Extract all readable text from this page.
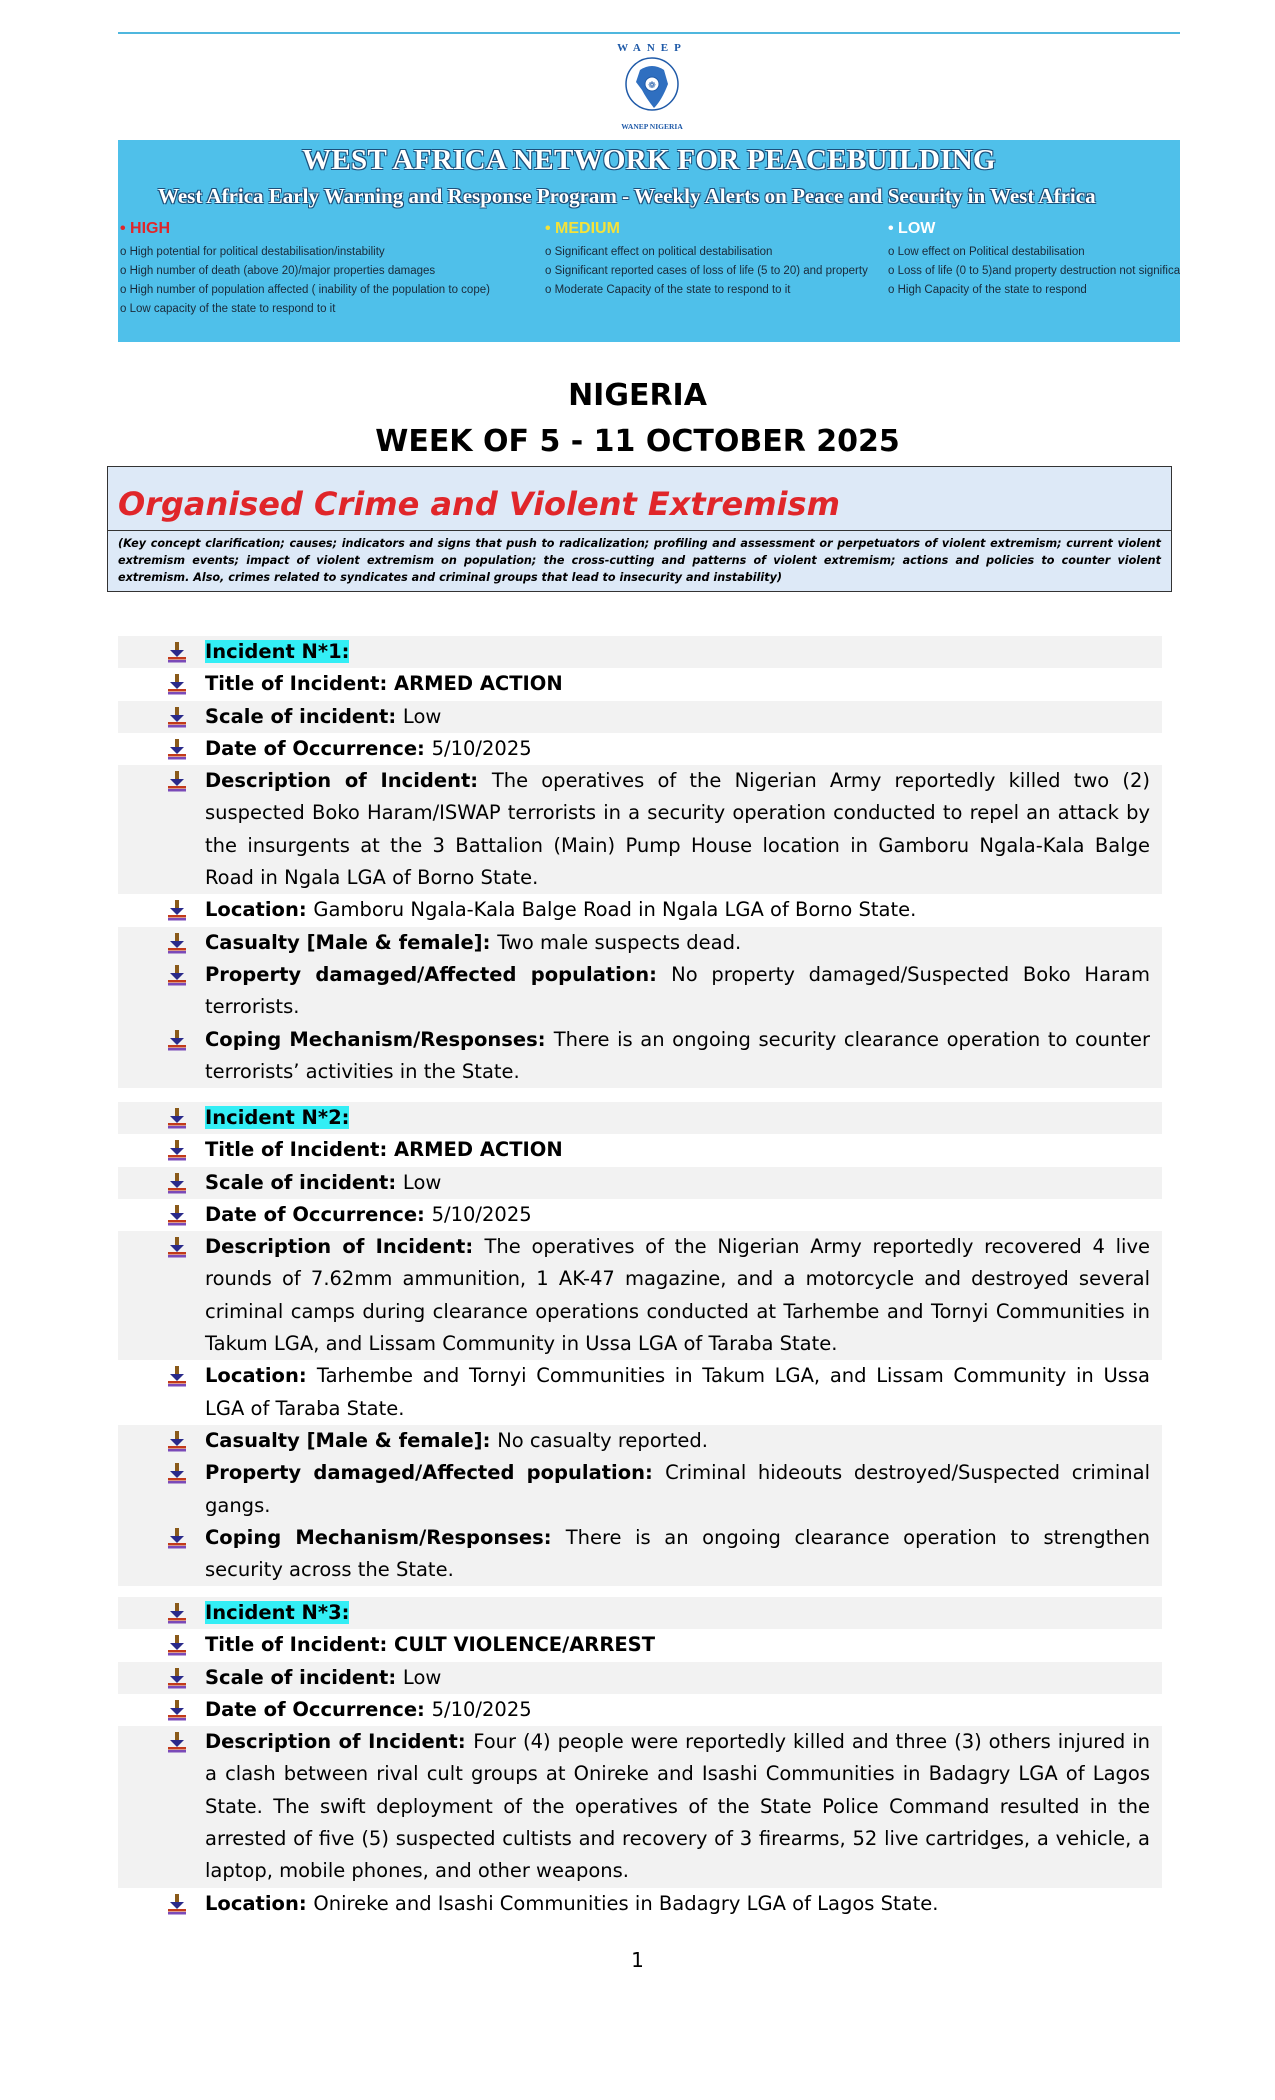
❁
WANEP
WANEP NIGERIA
WEST AFRICA NETWORK FOR PEACEBUILDING
West Africa Early Warning and Response Program - Weekly Alerts on Peace and Security in West Africa
• HIGH
o High potential for political destabilisation/instability
o High number of death (above 20)/major properties damages
o High number of population affected ( inability of the population to cope)
o Low capacity of the state to respond to it
• MEDIUM
o Significant effect on political destabilisation
o Significant reported cases of loss of life (5 to 20) and property
o Moderate Capacity of the state to respond to it
• LOW
o Low effect on Political destabilisation
o Loss of life (0 to 5)and property destruction not significa
o High Capacity of the state to respond
NIGERIA
WEEK OF 5 - 11 OCTOBER 2025
Organised Crime and Violent Extremism
(Key concept clarification; causes; indicators and signs that push to radicalization; profiling and assessment or perpetuators of violent extremism; current violent extremism events; impact of violent extremism on population; the cross-cutting and patterns of violent extremism; actions and policies to counter violent extremism. Also, crimes related to syndicates and criminal groups that lead to insecurity and instability)
Incident N*1:
Title of Incident: ARMED ACTION
Scale of incident: Low
Date of Occurrence: 5/10/2025
Description of Incident: The operatives of the Nigerian Army reportedly killed two (2) suspected Boko Haram/ISWAP terrorists in a security operation conducted to repel an attack by the insurgents at the 3 Battalion (Main) Pump House location in Gamboru Ngala-Kala Balge Road in Ngala LGA of Borno State.
Location: Gamboru Ngala-Kala Balge Road in Ngala LGA of Borno State.
Casualty [Male & female]: Two male suspects dead.
Property damaged/Affected population: No property damaged/Suspected Boko Haram terrorists.
Coping Mechanism/Responses: There is an ongoing security clearance operation to counter terrorists’ activities in the State.
Incident N*2:
Title of Incident: ARMED ACTION
Scale of incident: Low
Date of Occurrence: 5/10/2025
Description of Incident: The operatives of the Nigerian Army reportedly recovered 4 live rounds of 7.62mm ammunition, 1 AK-47 magazine, and a motorcycle and destroyed several criminal camps during clearance operations conducted at Tarhembe and Tornyi Communities in Takum LGA, and Lissam Community in Ussa LGA of Taraba State.
Location: Tarhembe and Tornyi Communities in Takum LGA, and Lissam Community in Ussa LGA of Taraba State.
Casualty [Male & female]: No casualty reported.
Property damaged/Affected population: Criminal hideouts destroyed/Suspected criminal gangs.
Coping Mechanism/Responses: There is an ongoing clearance operation to strengthen security across the State.
Incident N*3:
Title of Incident: CULT VIOLENCE/ARREST
Scale of incident: Low
Date of Occurrence: 5/10/2025
Description of Incident: Four (4) people were reportedly killed and three (3) others injured in a clash between rival cult groups at Onireke and Isashi Communities in Badagry LGA of Lagos State. The swift deployment of the operatives of the State Police Command resulted in the arrested of five (5) suspected cultists and recovery of 3 firearms, 52 live cartridges, a vehicle, a laptop, mobile phones, and other weapons.
Location: Onireke and Isashi Communities in Badagry LGA of Lagos State.
1
